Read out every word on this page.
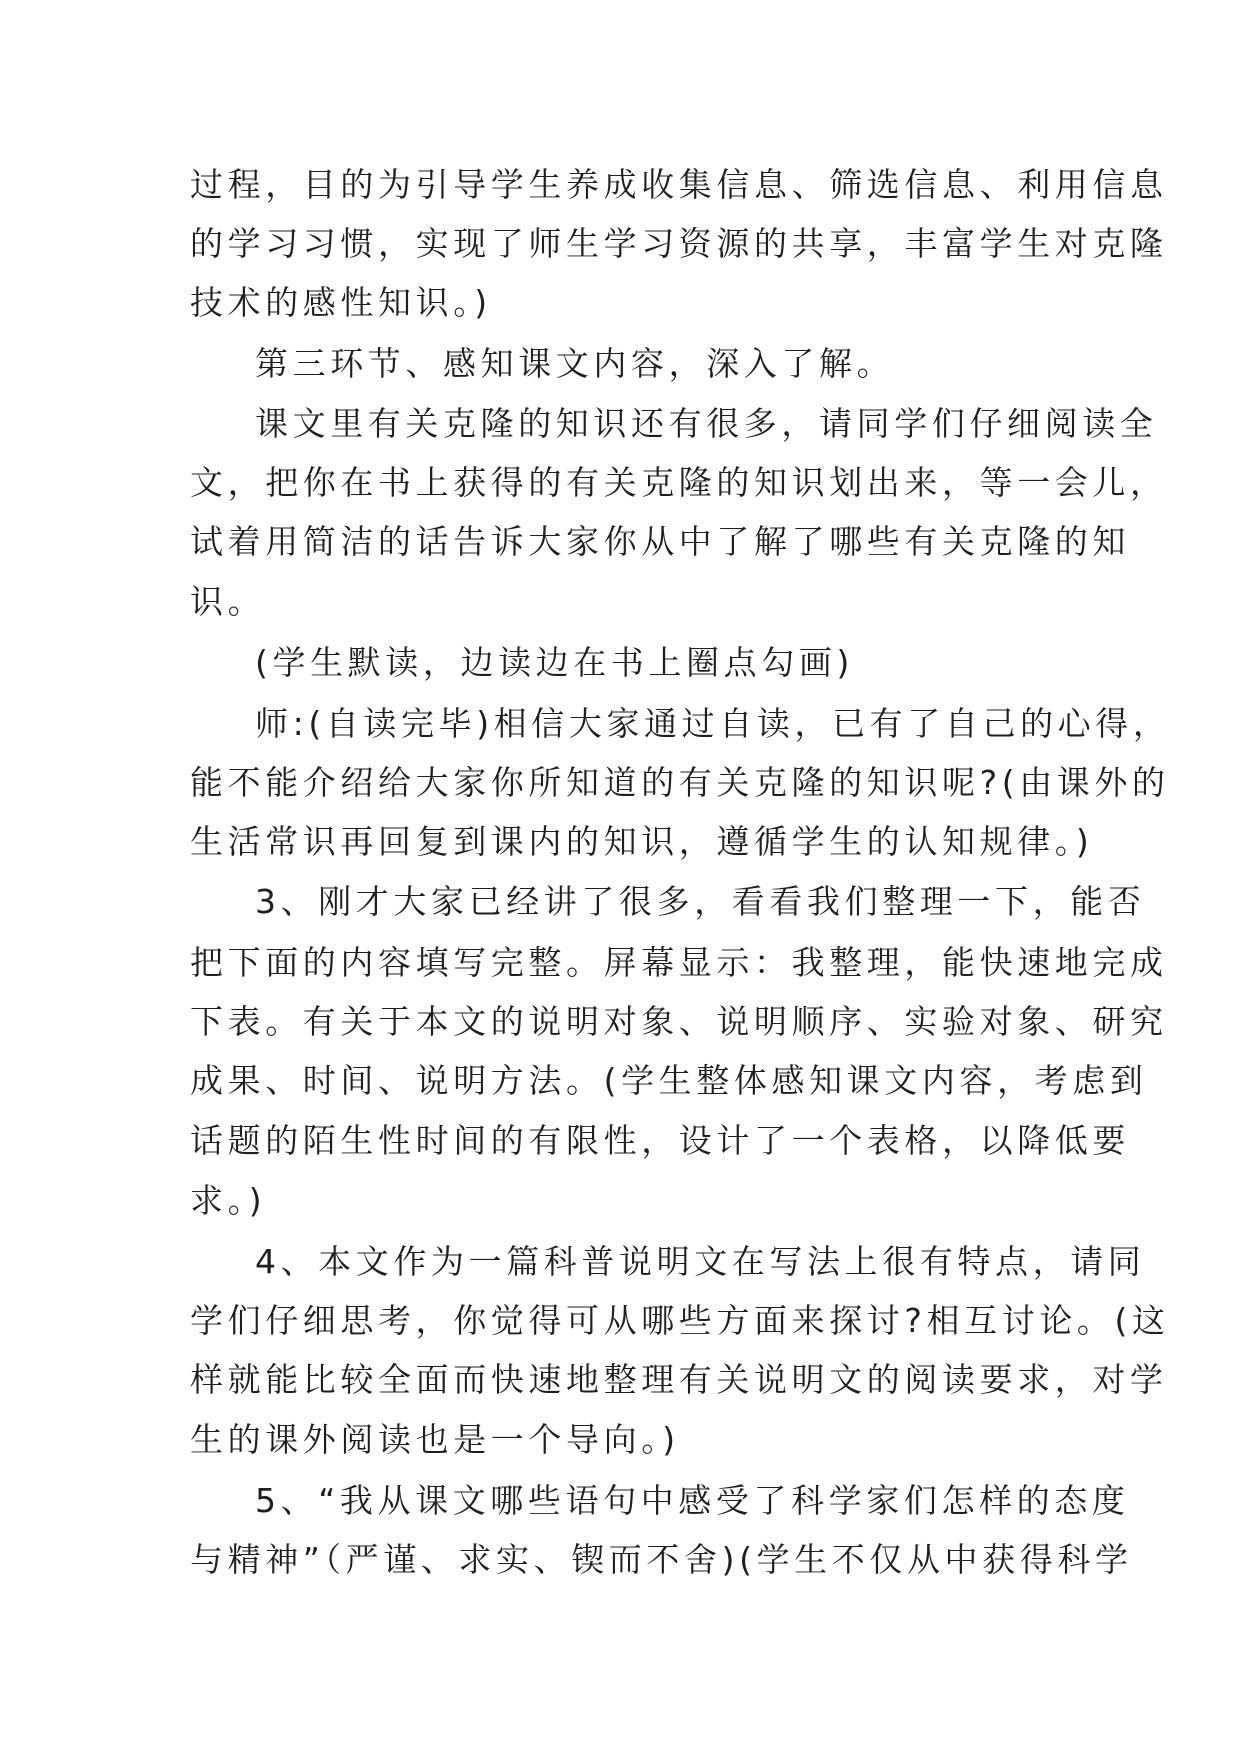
过程，目的为引导学生养成收集信息、筛选信息、利用信息
的学习习惯，实现了师生学习资源的共享，丰富学生对克隆
技术的感性知识。)
第三环节、感知课文内容，深入了解。
课文里有关克隆的知识还有很多，请同学们仔细阅读全
文，把你在书上获得的有关克隆的知识划出来，等一会儿，
试着用简洁的话告诉大家你从中了解了哪些有关克隆的知
识。
(学生默读，边读边在书上圈点勾画)
师:(自读完毕)相信大家通过自读，已有了自己的心得，
能不能介绍给大家你所知道的有关克隆的知识呢?(由课外的
生活常识再回复到课内的知识，遵循学生的认知规律。)
3、刚才大家已经讲了很多，看看我们整理一下，能否
把下面的内容填写完整。屏幕显示：我整理，能快速地完成
下表。有关于本文的说明对象、说明顺序、实验对象、研究
成果、时间、说明方法。(学生整体感知课文内容，考虑到
话题的陌生性时间的有限性，设计了一个表格，以降低要
求。)
4、本文作为一篇科普说明文在写法上很有特点，请同
学们仔细思考，你觉得可从哪些方面来探讨?相互讨论。(这
样就能比较全面而快速地整理有关说明文的阅读要求，对学
生的课外阅读也是一个导向。)
5、“我从课文哪些语句中感受了科学家们怎样的态度
与精神”（严谨、求实、锲而不舍)(学生不仅从中获得科学
